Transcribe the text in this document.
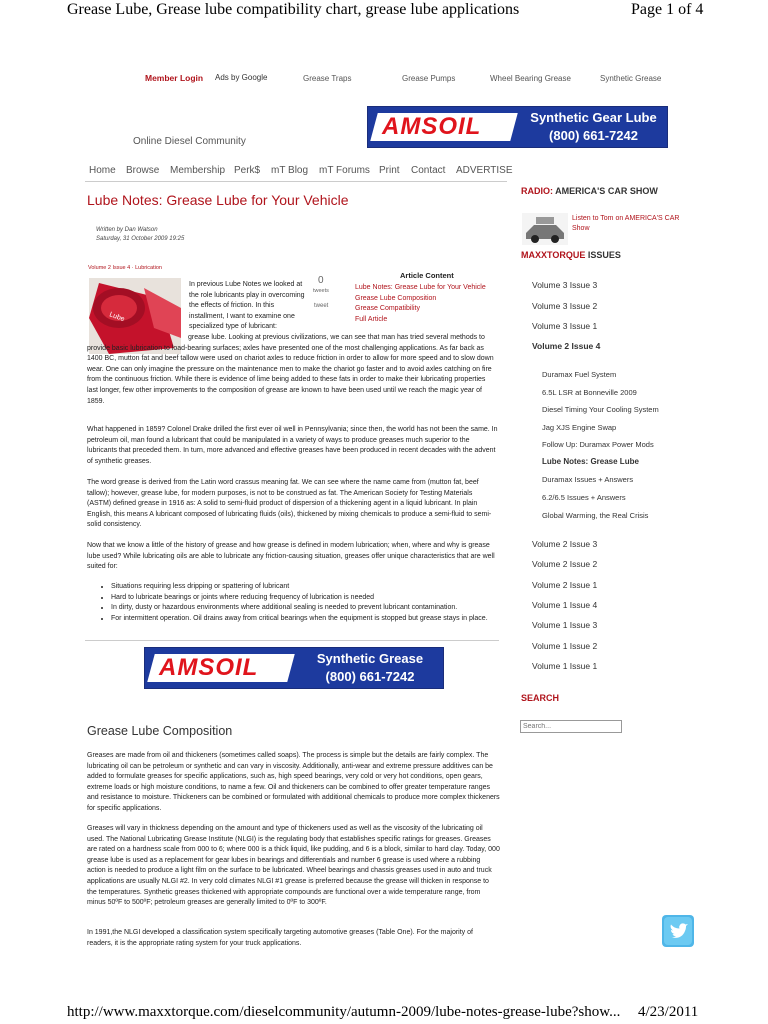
Grease Lube, Grease lube compatibility chart, grease lube applications	Page 1 of 4
Member Login Ads by Google	Grease Traps	Grease Pumps	Wheel Bearing Grease	Synthetic Grease
AMSOIL	Synthetic Gear Lube
(800) 661-7242
Online Diesel Community
Home Browse Membership Perk$ mT Blog mT Forums Print Contact ADVERTISE
Lube Notes: Grease Lube for Your Vehicle
Written by Dan Watson
Saturday, 31 October 2009 19:25
Volume 2 Issue 4 · Lubrication
Lube
0
tweets
tweet
Article Content
Lube Notes: Grease Lube for Your Vehicle
Grease Lube Composition
Grease Compatibility
Full Article
In previous Lube Notes we looked at the role lubricants play in overcoming the effects of friction. In this installment, I want to examine one specialized type of lubricant:
grease lube. Looking at previous civilizations, we can see that man has tried several methods to provide basic lubrication to load-bearing surfaces; axles have presented one of the most challenging applications. As far back as 1400 BC, mutton fat and beef tallow were used on chariot axles to reduce friction in order to allow for more speed and to slow down wear. One can only imagine the pressure on the maintenance men to make the chariot go faster and to avoid axles catching on fire from the continuous friction. While there is evidence of lime being added to these fats in order to make their lubricating properties last longer, few other improvements to the composition of grease are known to have been used until we reach the magic year of 1859.
What happened in 1859? Colonel Drake drilled the first ever oil well in Pennsylvania; since then, the world has not been the same. In petroleum oil, man found a lubricant that could be manipulated in a variety of ways to produce greases much superior to the lubricants that preceded them. In turn, more advanced and effective greases have been produced in recent decades with the advent of synthetic greases.
The word grease is derived from the Latin word crassus meaning fat. We can see where the name came from (mutton fat, beef tallow); however, grease lube, for modern purposes, is not to be construed as fat. The American Society for Testing Materials (ASTM) defined grease in 1916 as: A solid to semi-fluid product of dispersion of a thickening agent in a liquid lubricant. In plain English, this means A lubricant composed of lubricating fluids (oils), thickened by mixing chemicals to produce a semi-fluid to semi-solid consistency.
Now that we know a little of the history of grease and how grease is defined in modern lubrication; when, where and why is grease lube used? While lubricating oils are able to lubricate any friction-causing situation, greases offer unique characteristics that are well suited for:
• Situations requiring less dripping or spattering of lubricant
• Hard to lubricate bearings or joints where reducing frequency of lubrication is needed
• In dirty, dusty or hazardous environments where additional sealing is needed to prevent lubricant contamination.
• For intermittent operation. Oil drains away from critical bearings when the equipment is stopped but grease stays in place.
AMSOIL	Synthetic Grease
(800) 661-7242
Grease Lube Composition
Greases are made from oil and thickeners (sometimes called soaps). The process is simple but the details are fairly complex. The lubricating oil can be petroleum or synthetic and can vary in viscosity. Additionally, anti-wear and extreme pressure additives can be added to formulate greases for specific applications, such as, high speed bearings, very cold or very hot conditions, open gears, extreme loads or high moisture conditions, to name a few. Oil and thickeners can be combined to offer greater temperature ranges and resistance to moisture. Thickeners can be combined or formulated with additional chemicals to produce more complex thickeners for specific applications.
Greases will vary in thickness depending on the amount and type of thickeners used as well as the viscosity of the lubricating oil used. The National Lubricating Grease Institute (NLGI) is the regulating body that establishes specific ratings for greases. Greases are rated on a hardness scale from 000 to 6; where 000 is a thick liquid, like pudding, and 6 is a block, similar to hard clay. Today, 000 grease lube is used as a replacement for gear lubes in bearings and differentials and number 6 grease is used where a rubbing action is needed to produce a light film on the surface to be lubricated. Wheel bearings and chassis greases used in auto and truck applications are usually NLGI #2. In very cold climates NLGI #1 grease is preferred because the grease will thicken in response to the temperatures. Synthetic greases thickened with appropriate compounds are functional over a wide temperature range, from minus 50ºF to 500ºF; petroleum greases are generally limited to 0ºF to 300ºF.
In 1991,the NLGI developed a classification system specifically targeting automotive greases (Table One). For the majority of readers, it is the appropriate rating system for your truck applications.
RADIO: AMERICA'S CAR SHOW
Listen to Tom on AMERICA'S CAR Show
MAXXTORQUE ISSUES
Volume 3 Issue 3
Volume 3 Issue 2
Volume 3 Issue 1
Volume 2 Issue 4
Duramax Fuel System
6.5L LSR at Bonneville 2009
Diesel Timing Your Cooling System
Jag XJS Engine Swap
Follow Up: Duramax Power Mods
Lube Notes: Grease Lube
Duramax Issues + Answers
6.2/6.5 Issues + Answers
Global Warming, the Real Crisis
Volume 2 Issue 3
Volume 2 Issue 2
Volume 2 Issue 1
Volume 1 Issue 4
Volume 1 Issue 3
Volume 1 Issue 2
Volume 1 Issue 1
SEARCH
Search...
http://www.maxxtorque.com/dieselcommunity/autumn-2009/lube-notes-grease-lube?show... 4/23/2011
